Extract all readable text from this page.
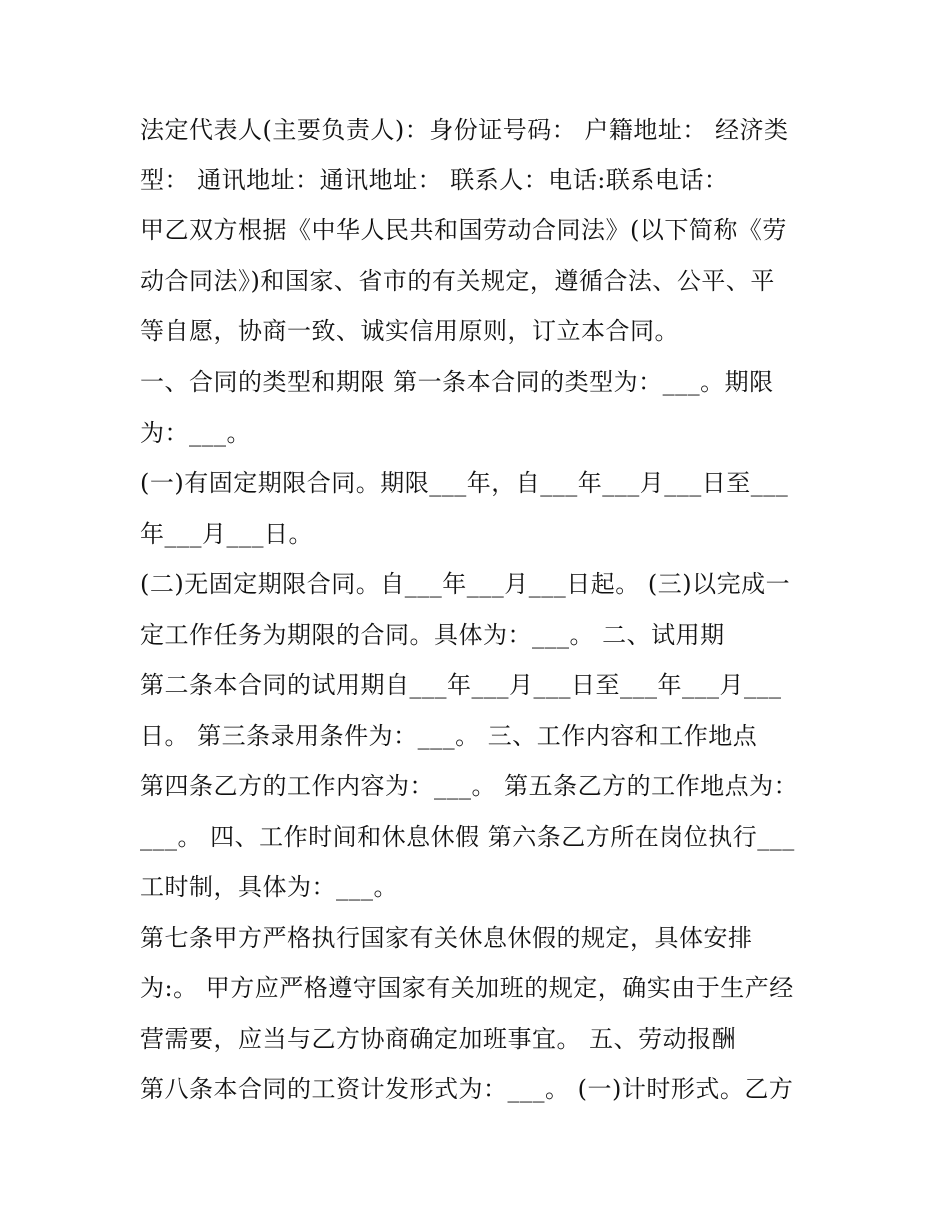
法定代表人(主要负责人)：身份证号码： 户籍地址： 经济类
型： 通讯地址：通讯地址： 联系人：电话:联系电话：
甲乙双方根据《中华人民共和国劳动合同法》(以下简称《劳
动合同法》)和国家、省市的有关规定，遵循合法、公平、平
等自愿，协商一致、诚实信用原则，订立本合同。
一、合同的类型和期限 第一条本合同的类型为：___。期限
为：___。
(一)有固定期限合同。期限___年，自___年___月___日至___
年___月___日。
(二)无固定期限合同。自___年___月___日起。 (三)以完成一
定工作任务为期限的合同。具体为：___。 二、试用期
第二条本合同的试用期自___年___月___日至___年___月___
日。 第三条录用条件为：___。 三、工作内容和工作地点
第四条乙方的工作内容为：___。 第五条乙方的工作地点为：
___。 四、工作时间和休息休假 第六条乙方所在岗位执行___
工时制，具体为：___。
第七条甲方严格执行国家有关休息休假的规定，具体安排
为:。 甲方应严格遵守国家有关加班的规定，确实由于生产经
营需要，应当与乙方协商确定加班事宜。 五、劳动报酬
第八条本合同的工资计发形式为：___。 (一)计时形式。乙方
